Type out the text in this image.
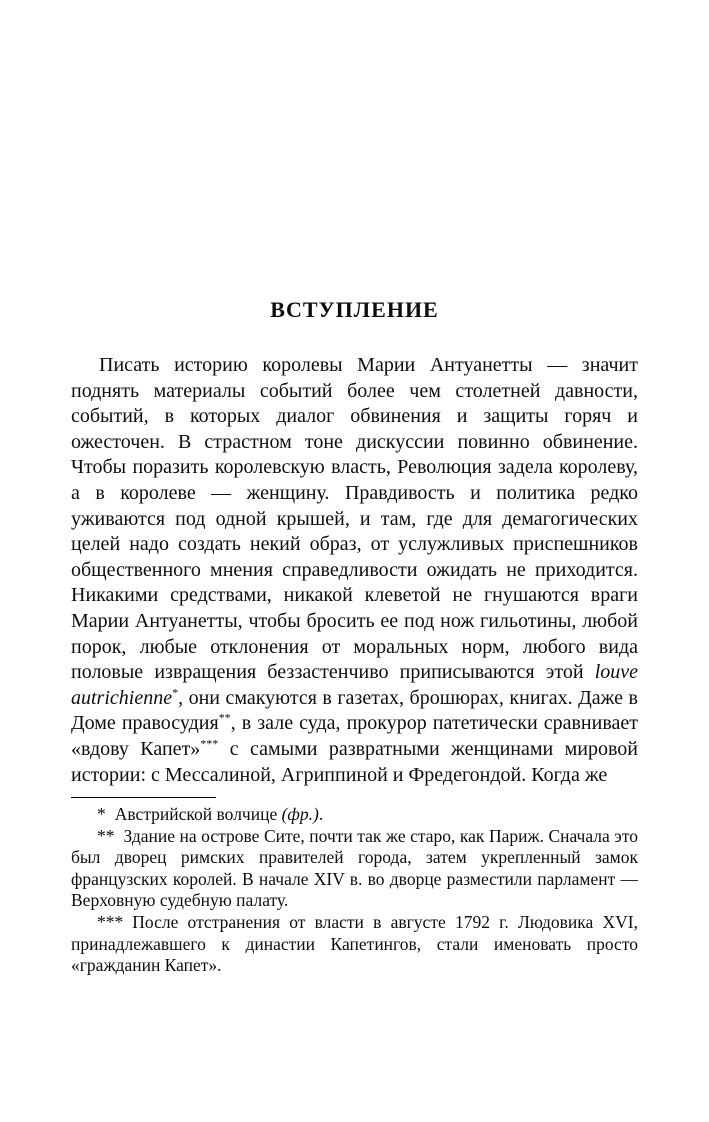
ВСТУПЛЕНИЕ

Писать историю королевы Марии Антуанетты — значит поднять материалы событий более чем столетней давности, событий, в которых диалог обвинения и защиты горяч и ожесточен. В страстном тоне дискуссии повинно обвинение. Чтобы поразить королевскую власть, Революция задела королеву, а в королеве — женщину. Правдивость и политика редко уживаются под одной крышей, и там, где для демагогических целей надо создать некий образ, от услужливых приспешников общественного мнения справедливости ожидать не приходится. Никакими средствами, никакой клеветой не гнушаются враги Марии Антуанетты, чтобы бросить ее под нож гильотины, любой порок, любые отклонения от моральных норм, любого вида половые извращения беззастенчиво приписываются этой louve autrichienne*, они смакуются в газетах, брошюрах, книгах. Даже в Доме правосудия**, в зале суда, прокурор патетически сравнивает «вдову Капет»*** с самыми развратными женщинами мировой истории: с Мессалиной, Агриппиной и Фредегондой. Когда же

* Австрийской волчице (фр.).

** Здание на острове Сите, почти так же старо, как Париж. Сначала это был дворец римских правителей города, затем укрепленный замок французских королей. В начале XIV в. во дворце разместили парламент — Верховную судебную палату.

*** После отстранения от власти в августе 1792 г. Людовика XVI, принадлежавшего к династии Капетингов, стали именовать просто «гражданин Капет».
